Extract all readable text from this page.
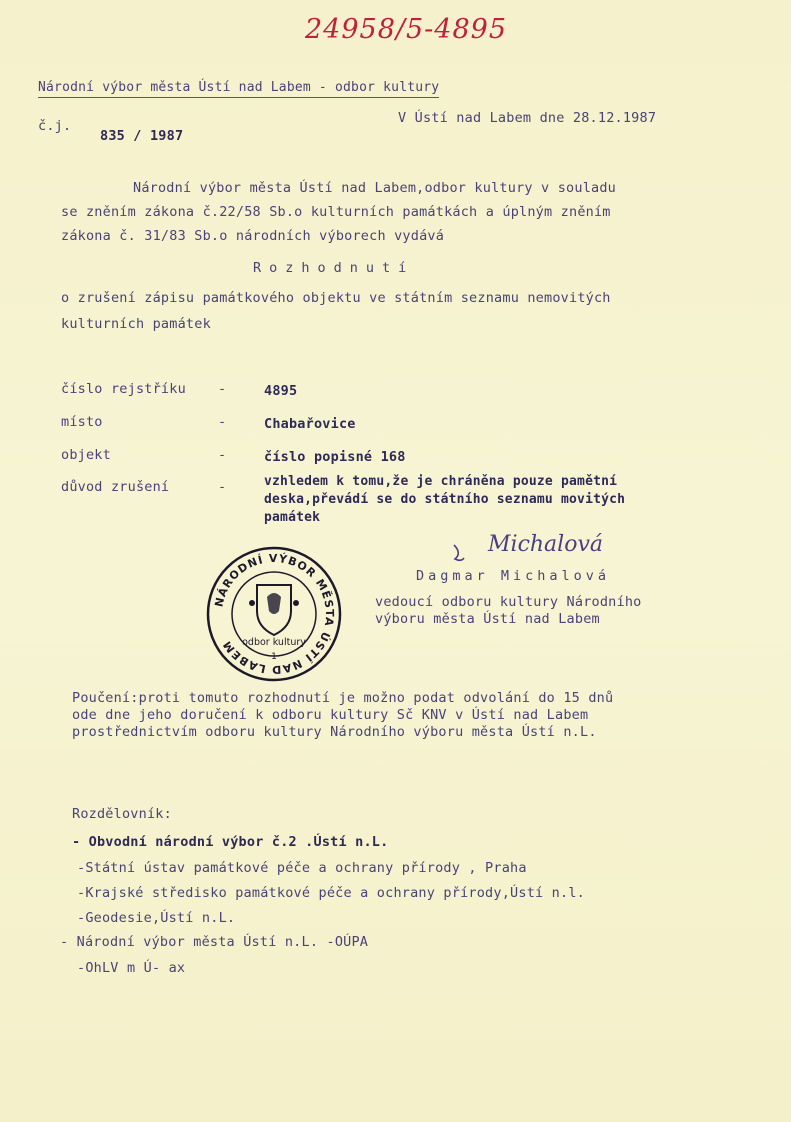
24958/5-4895
Národní výbor města Ústí nad Labem - odbor kultury
č.j.
835 / 1987
V Ústí nad Labem dne 28.12.1987
Národní výbor města Ústí nad Labem,odbor kultury v souladu
se zněním zákona č.22/58 Sb.o kulturních památkách a úplným zněním
zákona č. 31/83 Sb.o národních výborech vydává
Rozhodnutí
o zrušení zápisu památkového objektu ve státním seznamu nemovitých
kulturních památek
číslo rejstříku -	4895
místo	-	Chabařovice
objekt	-	číslo popisné 168
důvod zrušení	-	vzhledem k tomu,že je chráněna pouze pamětní
deska,převádí se do státního seznamu movitých
památek
NÁRODNÍ VÝBOR MĚSTA ÚSTÍ NAD LABEM odbor kultury
1
Michalová
Dagmar Michalová
vedoucí odboru kultury Národního
výboru města Ústí nad Labem
Poučení:proti tomuto rozhodnutí je možno podat odvolání do 15 dnů
ode dne jeho doručení k odboru kultury Sč KNV v Ústí nad Labem
prostřednictvím odboru kultury Národního výboru města Ústí n.L.
Rozdělovník:
- Obvodní národní výbor č.2 .Ústí n.L.
-Státní ústav památkové péče a ochrany přírody , Praha
-Krajské středisko památkové péče a ochrany přírody,Ústí n.l.
-Geodesie,Ústí n.L.
- Národní výbor města Ústí n.L. -OÚPA
-OhLV m Ú- ax
